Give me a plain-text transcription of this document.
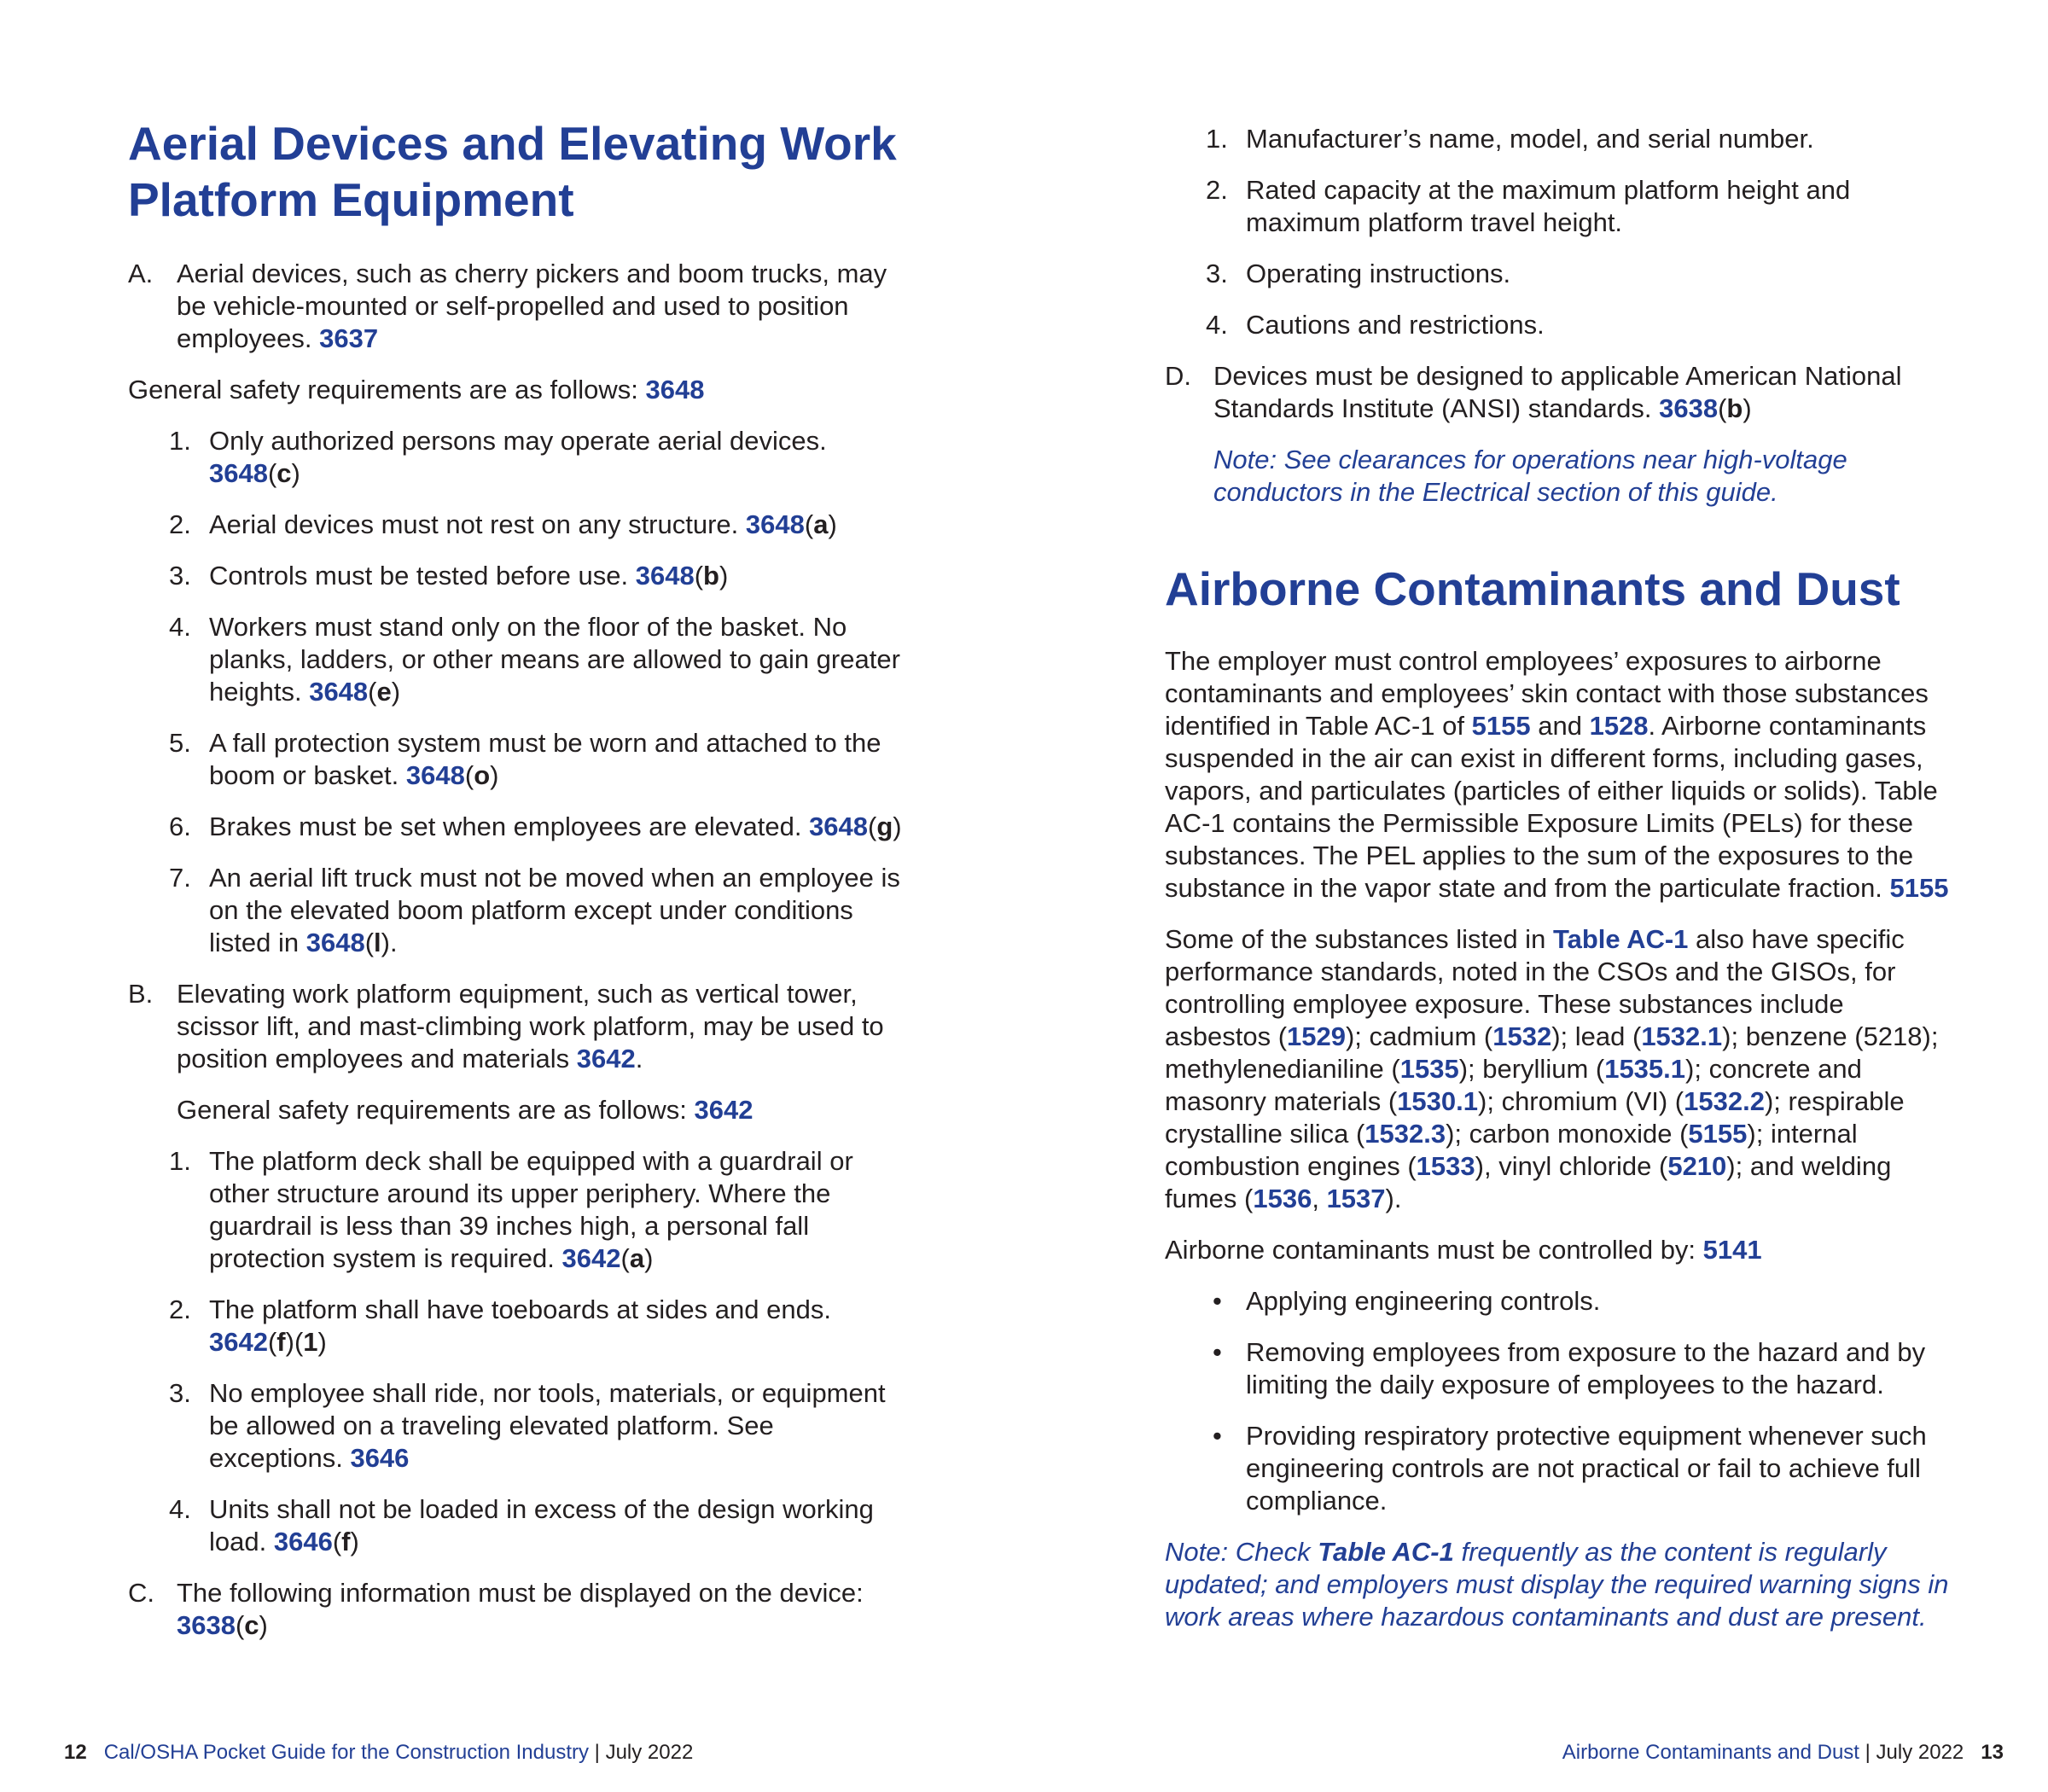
Aerial Devices and Elevating Work Platform Equipment
A. Aerial devices, such as cherry pickers and boom trucks, may be vehicle-mounted or self-propelled and used to position employees. 3637

General safety requirements are as follows: 3648

1. Only authorized persons may operate aerial devices. 3648(c)
2. Aerial devices must not rest on any structure. 3648(a)
3. Controls must be tested before use. 3648(b)
4. Workers must stand only on the floor of the basket. No planks, ladders, or other means are allowed to gain greater heights. 3648(e)
5. A fall protection system must be worn and attached to the boom or basket. 3648(o)
6. Brakes must be set when employees are elevated. 3648(g)
7. An aerial lift truck must not be moved when an employee is on the elevated boom platform except under conditions listed in 3648(l).
B. Elevating work platform equipment, such as vertical tower, scissor lift, and mast-climbing work platform, may be used to position employees and materials 3642.

General safety requirements are as follows: 3642

1. The platform deck shall be equipped with a guardrail or other structure around its upper periphery. Where the guardrail is less than 39 inches high, a personal fall protection system is required. 3642(a)
2. The platform shall have toeboards at sides and ends. 3642(f)(1)
3. No employee shall ride, nor tools, materials, or equipment be allowed on a traveling elevated platform. See exceptions. 3646
4. Units shall not be loaded in excess of the design working load. 3646(f)
C. The following information must be displayed on the device: 3638(c)
1. Manufacturer’s name, model, and serial number.
2. Rated capacity at the maximum platform height and maximum platform travel height.
3. Operating instructions.
4. Cautions and restrictions.
D. Devices must be designed to applicable American National Standards Institute (ANSI) standards. 3638(b)

Note: See clearances for operations near high-voltage conductors in the Electrical section of this guide.

Airborne Contaminants and Dust

The employer must control employees’ exposures to airborne contaminants and employees’ skin contact with those substances identified in Table AC-1 of 5155 and 1528. Airborne contaminants suspended in the air can exist in different forms, including gases, vapors, and particulates (particles of either liquids or solids). Table AC-1 contains the Permissible Exposure Limits (PELs) for these substances. The PEL applies to the sum of the exposures to the substance in the vapor state and from the particulate fraction. 5155

Some of the substances listed in Table AC-1 also have specific performance standards, noted in the CSOs and the GISOs, for controlling employee exposure. These substances include asbestos (1529); cadmium (1532); lead (1532.1); benzene (5218); methylenedianiline (1535); beryllium (1535.1); concrete and masonry materials (1530.1); chromium (VI) (1532.2); respirable crystalline silica (1532.3); carbon monoxide (5155); internal combustion engines (1533), vinyl chloride (5210); and welding fumes (1536, 1537).

Airborne contaminants must be controlled by: 5141

• Applying engineering controls.
• Removing employees from exposure to the hazard and by limiting the daily exposure of employees to the hazard.
• Providing respiratory protective equipment whenever such engineering controls are not practical or fail to achieve full compliance.

Note: Check Table AC-1 frequently as the content is regularly updated; and employers must display the required warning signs in work areas where hazardous contaminants and dust are present.

12 Cal/OSHA Pocket Guide for the Construction Industry | July 2022	Airborne Contaminants and Dust | July 2022 13
